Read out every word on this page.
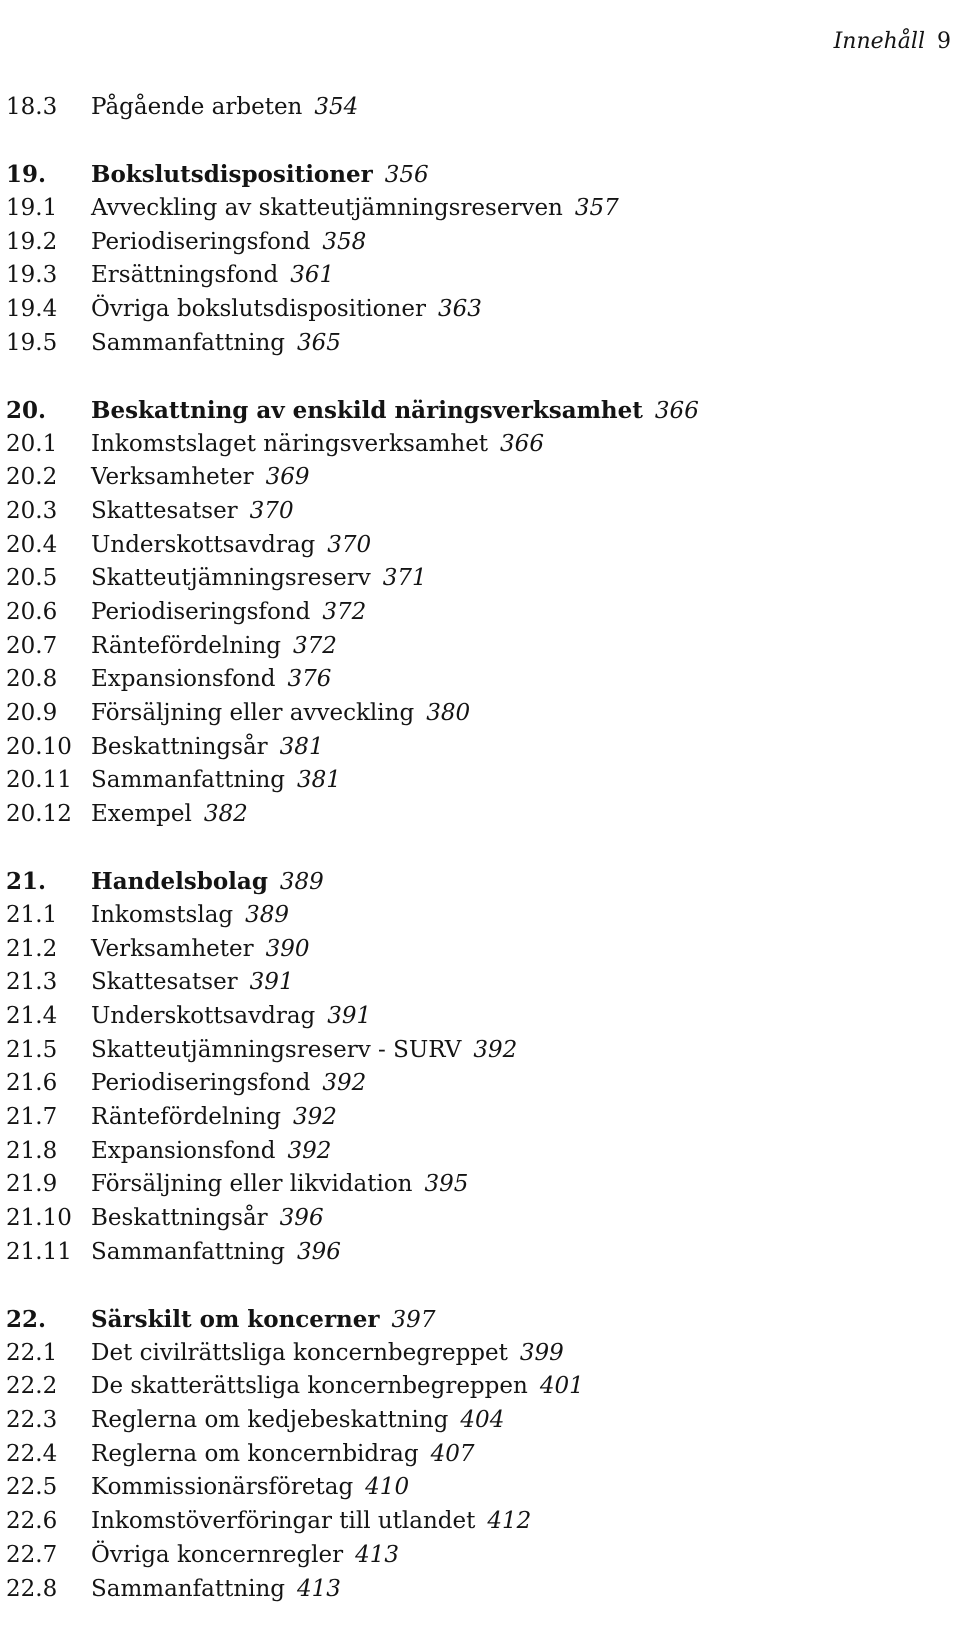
Innehåll 9
18.3 Pågående arbeten 354
19. Bokslutsdispositioner 356
19.1 Avveckling av skatteutjämningsreserven 357
19.2 Periodiseringsfond 358
19.3 Ersättningsfond 361
19.4 Övriga bokslutsdispositioner 363
19.5 Sammanfattning 365
20. Beskattning av enskild näringsverksamhet 366
20.1 Inkomstslaget näringsverksamhet 366
20.2 Verksamheter 369
20.3 Skattesatser 370
20.4 Underskottsavdrag 370
20.5 Skatteutjämningsreserv 371
20.6 Periodiseringsfond 372
20.7 Räntefördelning 372
20.8 Expansionsfond 376
20.9 Försäljning eller avveckling 380
20.10 Beskattningsår 381
20.11 Sammanfattning 381
20.12 Exempel 382
21. Handelsbolag 389
21.1 Inkomstslag 389
21.2 Verksamheter 390
21.3 Skattesatser 391
21.4 Underskottsavdrag 391
21.5 Skatteutjämningsreserv - SURV 392
21.6 Periodiseringsfond 392
21.7 Räntefördelning 392
21.8 Expansionsfond 392
21.9 Försäljning eller likvidation 395
21.10 Beskattningsår 396
21.11 Sammanfattning 396
22. Särskilt om koncerner 397
22.1 Det civilrättsliga koncernbegreppet 399
22.2 De skatterättsliga koncernbegreppen 401
22.3 Reglerna om kedjebeskattning 404
22.4 Reglerna om koncernbidrag 407
22.5 Kommissionärsföretag 410
22.6 Inkomstöverföringar till utlandet 412
22.7 Övriga koncernregler 413
22.8 Sammanfattning 413
